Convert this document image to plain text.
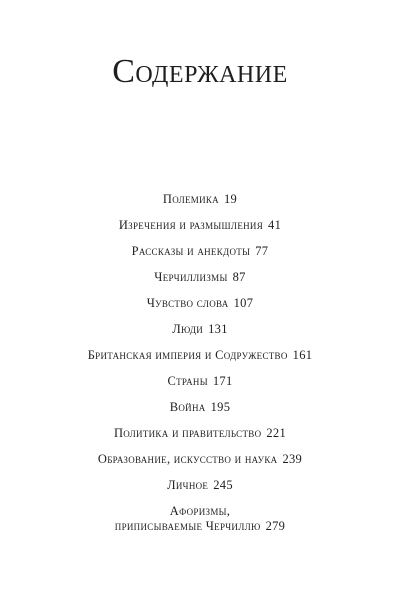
Содержание
Полемика 19
Изречения и размышления 41
Рассказы и анекдоты 77
Черчиллизмы 87
Чувство слова 107
Люди 131
Британская империя и Содружество 161
Страны 171
Война 195
Политика и правительство 221
Образование, искусство и наука 239
Личное 245
Афоризмы,
приписываемые Черчиллю 279
